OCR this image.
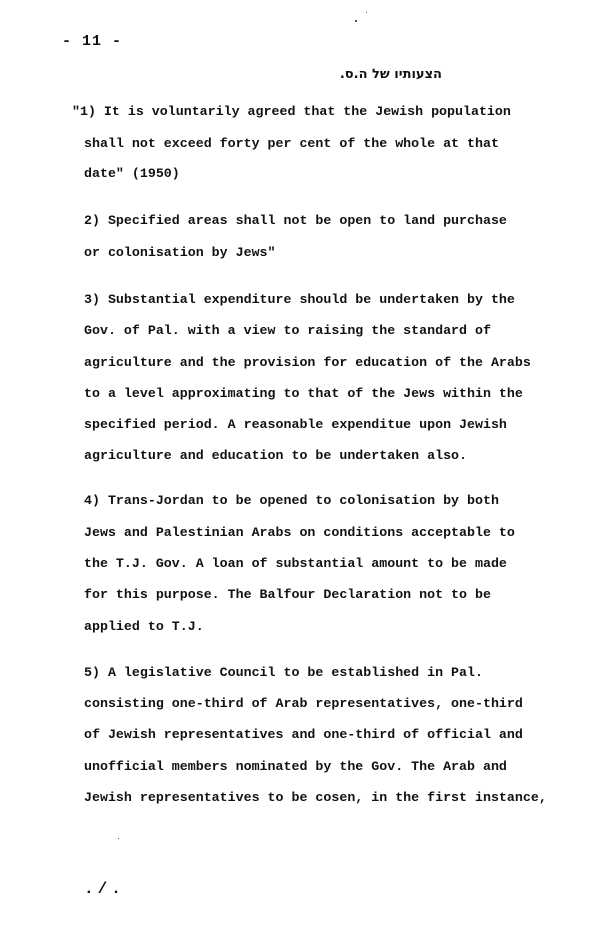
- 11 -
הצעותיו של ה.ס.
"1) It is voluntarily agreed that the Jewish population
shall not exceed forty per cent of the whole at that
date" (1950)
2) Specified areas shall not be open to land purchase
or colonisation by Jews"
3) Substantial expenditure should be undertaken by the
Gov. of Pal. with a view to raising the standard of
agriculture and the provision for education of the Arabs
to a level approximating to that of the Jews within the
specified period. A reasonable expenditue upon Jewish
agriculture and education to be undertaken also.
4) Trans-Jordan to be opened to colonisation by both
Jews and Palestinian Arabs on conditions acceptable to
the T.J. Gov. A loan of substantial amount to be made
for this purpose. The Balfour Declaration not to be
applied to T.J.
5) A legislative Council to be established in Pal.
consisting one-third of Arab representatives, one-third
of Jewish representatives and one-third of official and
unofficial members nominated by the Gov. The Arab and
Jewish representatives to be cosen, in the first instance,
./.
